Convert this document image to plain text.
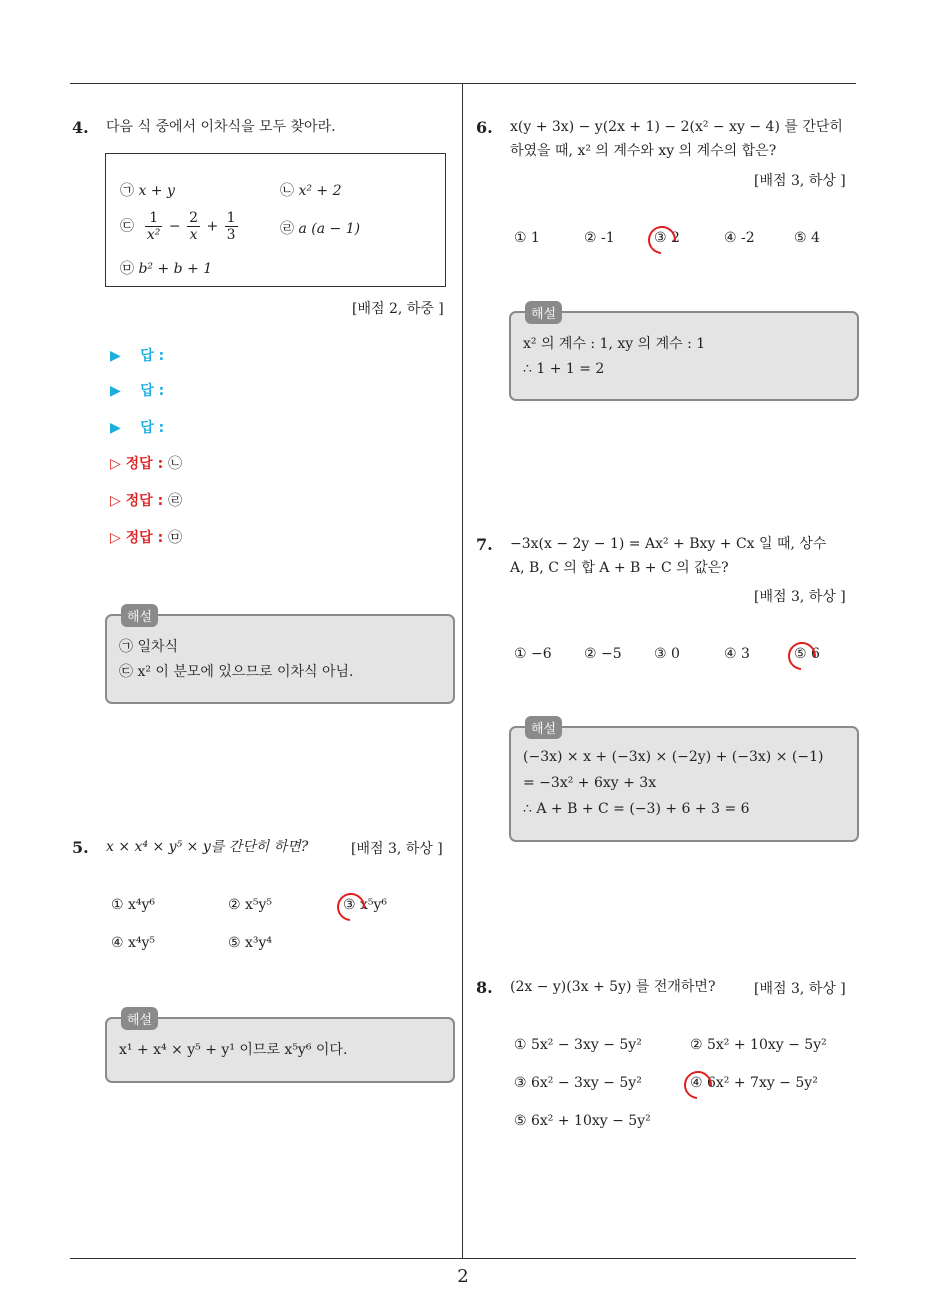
4. 다음 식 중에서 이차식을 모두 찾아라.
㉠ x + y	㉡ x² + 2
㉢ $\frac{1}{\text{x²}} - \frac{2}{x} + \frac{1}{3}$	㉣ a (a − 1)
㉤ b² + b + 1
[배점 2, 하중 ]
▶ 답 :
▶ 답 :
▶ 답 :
▷ 정답 : ㉡
▷ 정답 : ㉣
▷ 정답 : ㉤
해설
㉠ 일차식
㉢ x² 이 분모에 있으므로 이차식 아님.
5. x × x⁴ × y⁵ × y를 간단히 하면?	[배점 3, 하상 ]
① x⁴y⁶	② x⁵y⁵	③ x⁵y⁶
④ x⁴y⁵	⑤ x³y⁴
해설
x¹ + x⁴ × y⁵ + y¹ 이므로 x⁵y⁶ 이다.
6. x(y + 3x) − y(2x + 1) − 2(x² − xy − 4) 를 간단히
하였을 때, x² 의 계수와 xy 의 계수의 합은?
[배점 3, 하상 ]
① 1	② -1	③ 2	④ -2	⑤ 4
해설
x² 의 계수 : 1, xy 의 계수 : 1
∴ 1 + 1 = 2
7. −3x(x − 2y − 1) = Ax² + Bxy + Cx 일 때, 상수
A, B, C 의 합 A + B + C 의 값은?
[배점 3, 하상 ]
① −6 ② −5 ③ 0	④ 3	⑤ 6
해설
(−3x) × x + (−3x) × (−2y) + (−3x) × (−1)
= −3x² + 6xy + 3x
∴ A + B + C = (−3) + 6 + 3 = 6
8. (2x − y)(3x + 5y) 를 전개하면?	[배점 3, 하상 ]
① 5x² − 3xy − 5y²	② 5x² + 10xy − 5y²
③ 6x² − 3xy − 5y²	④ 6x² + 7xy − 5y²
⑤ 6x² + 10xy − 5y²
2
